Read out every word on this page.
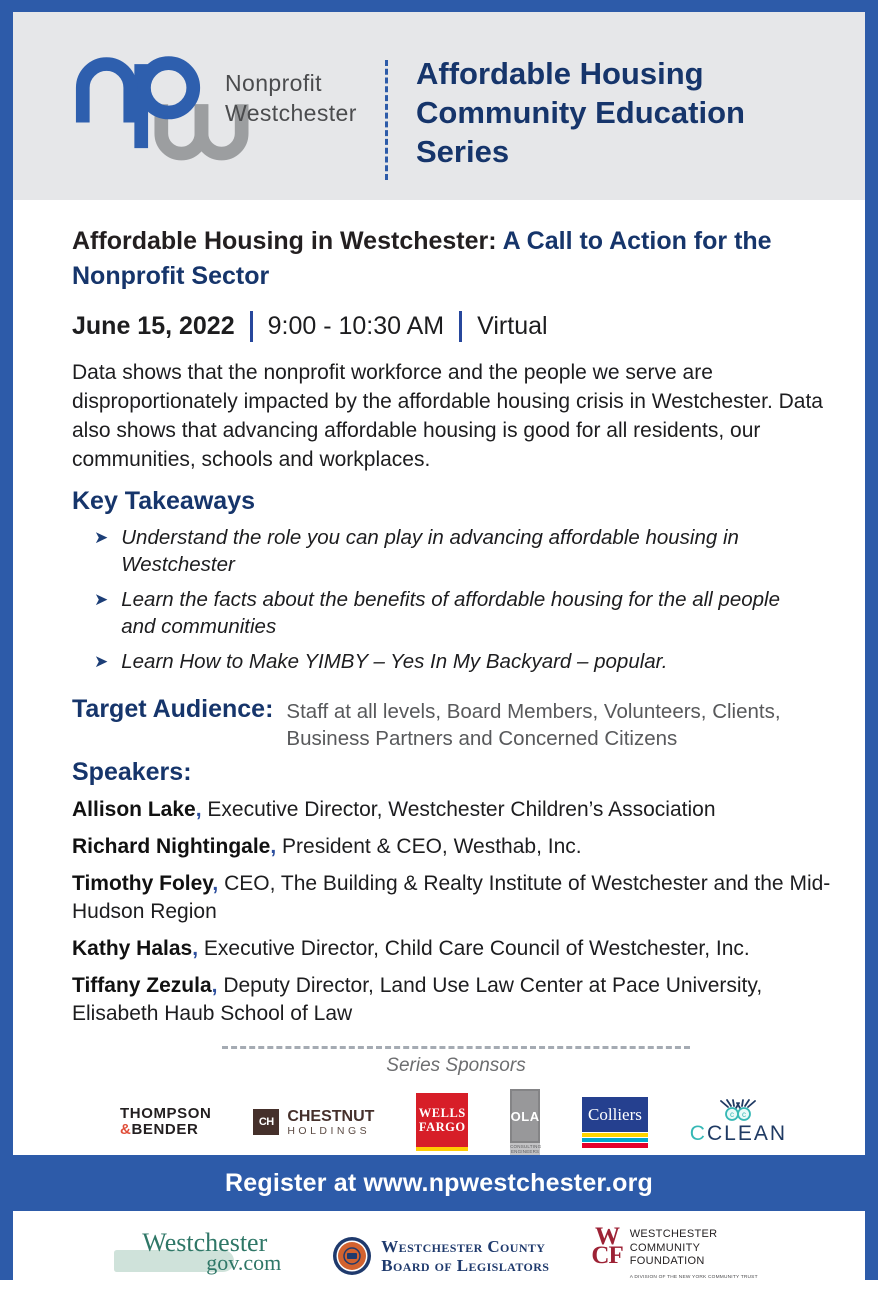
Nonprofit
Westchester
Affordable Housing Community Education Series
Affordable Housing in Westchester: A Call to Action for the Nonprofit Sector
June 15, 2022 9:00 - 10:30 AM Virtual
Data shows that the nonprofit workforce and the people we serve are disproportionately impacted by the affordable housing crisis in Westchester. Data also shows that advancing affordable housing is good for all residents, our communities, schools and workplaces.
Key Takeaways
➤ Understand the role you can play in advancing affordable housing in Westchester
➤ Learn the facts about the benefits of affordable housing for the all people and communities
➤ Learn How to Make YIMBY – Yes In My Backyard – popular.
Target Audience: Staff at all levels, Board Members, Volunteers, Clients, Business Partners and Concerned Citizens
Speakers:
Allison Lake, Executive Director, Westchester Children’s Association
Richard Nightingale, President & CEO, Westhab, Inc.
Timothy Foley, CEO, The Building & Realty Institute of Westchester and the Mid-Hudson Region
Kathy Halas, Executive Director, Child Care Council of Westchester, Inc.
Tiffany Zezula, Deputy Director, Land Use Law Center at Pace University, Elisabeth Haub School of Law
Series Sponsors
THOMPSON
&BENDER	CH CHESTNUT
HOLDINGS
WELLS
FARGO
OLA
CONSULTING ENGINEERS
Colliers	c c
CCLEAN
Register at www.npwestchester.org
Westchester
gov.com
Westchester County
Board of Legislators
W
CF
WESTCHESTER
COMMUNITY
FOUNDATION
A DIVISION OF THE NEW YORK COMMUNITY TRUST
